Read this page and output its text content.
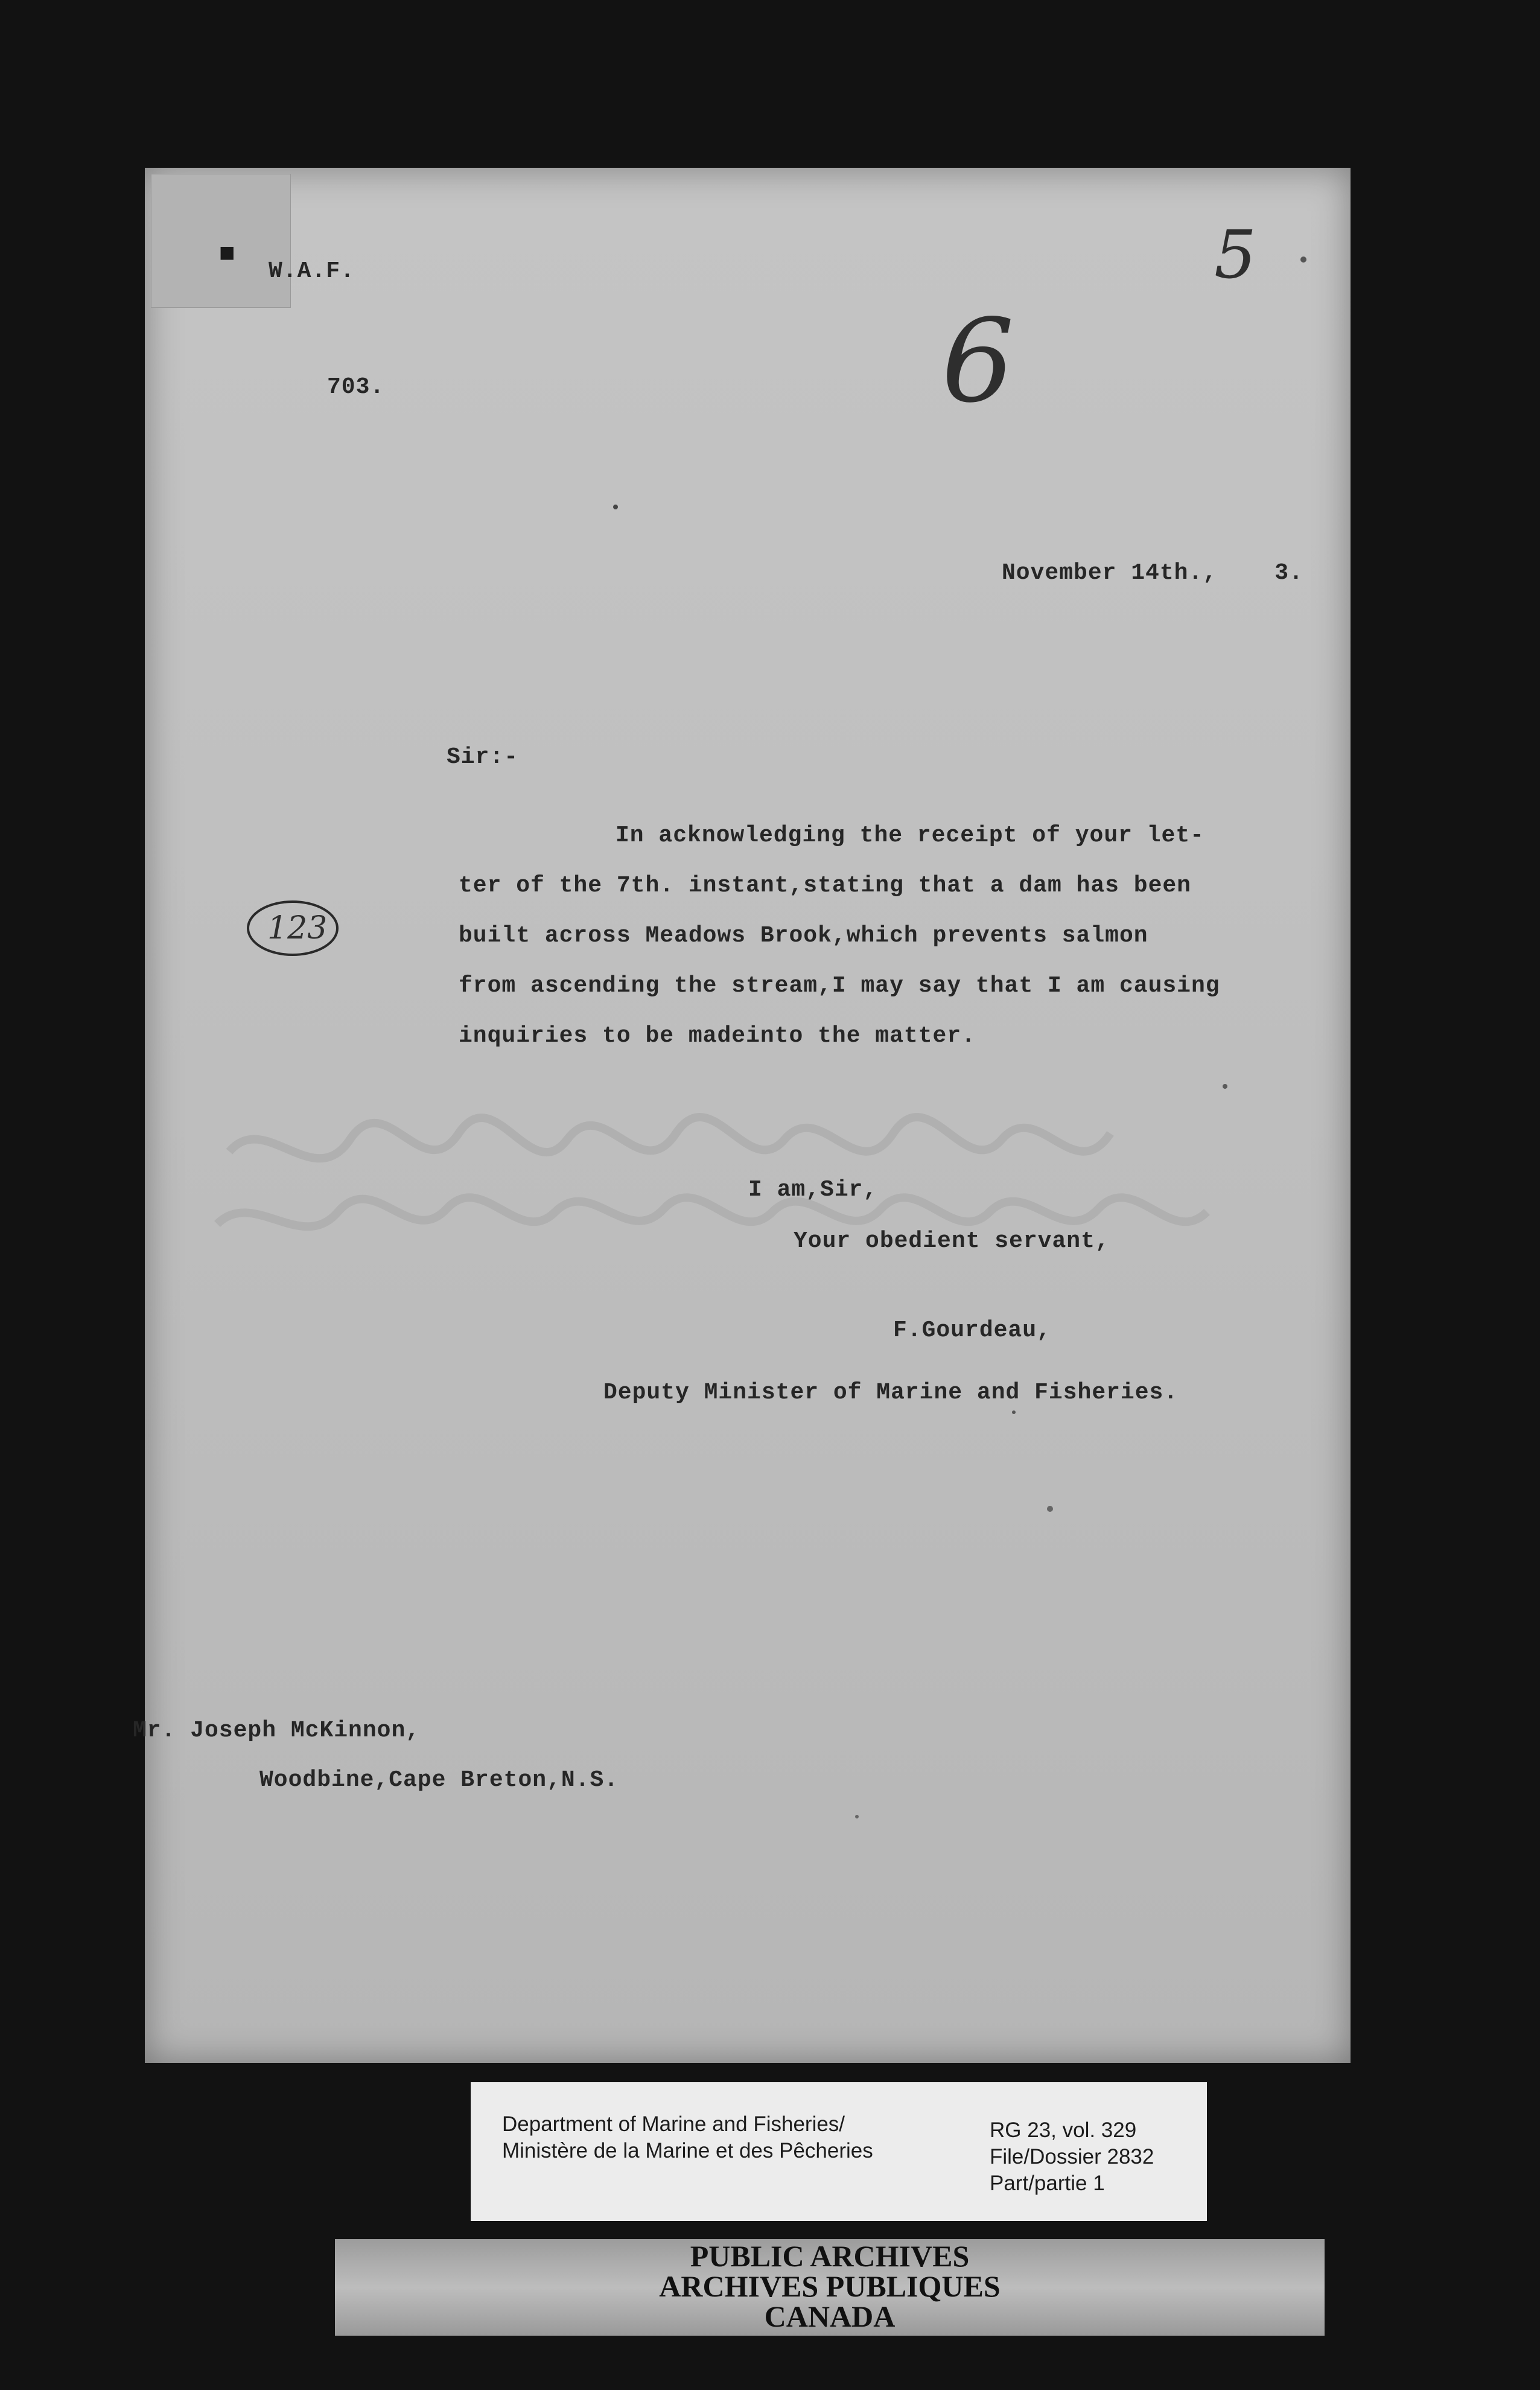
■
W.A.F.
703.
5
6
November 14th.,    3.
Sir:-
In acknowledging the receipt of your let-
ter of the 7th. instant,stating that a dam has been
built across Meadows Brook,which prevents salmon
from ascending the stream,I may say that I am causing
inquiries to be madeinto the matter.
123
I am,Sir,
Your obedient servant,
F.Gourdeau,
Deputy Minister of Marine and Fisheries.
Mr. Joseph McKinnon,
Woodbine,Cape Breton,N.S.
Department of Marine and Fisheries/
Ministère de la Marine et des Pêcheries
RG 23, vol. 329
File/Dossier 2832
Part/partie 1
PUBLIC ARCHIVES
ARCHIVES PUBLIQUES
CANADA
